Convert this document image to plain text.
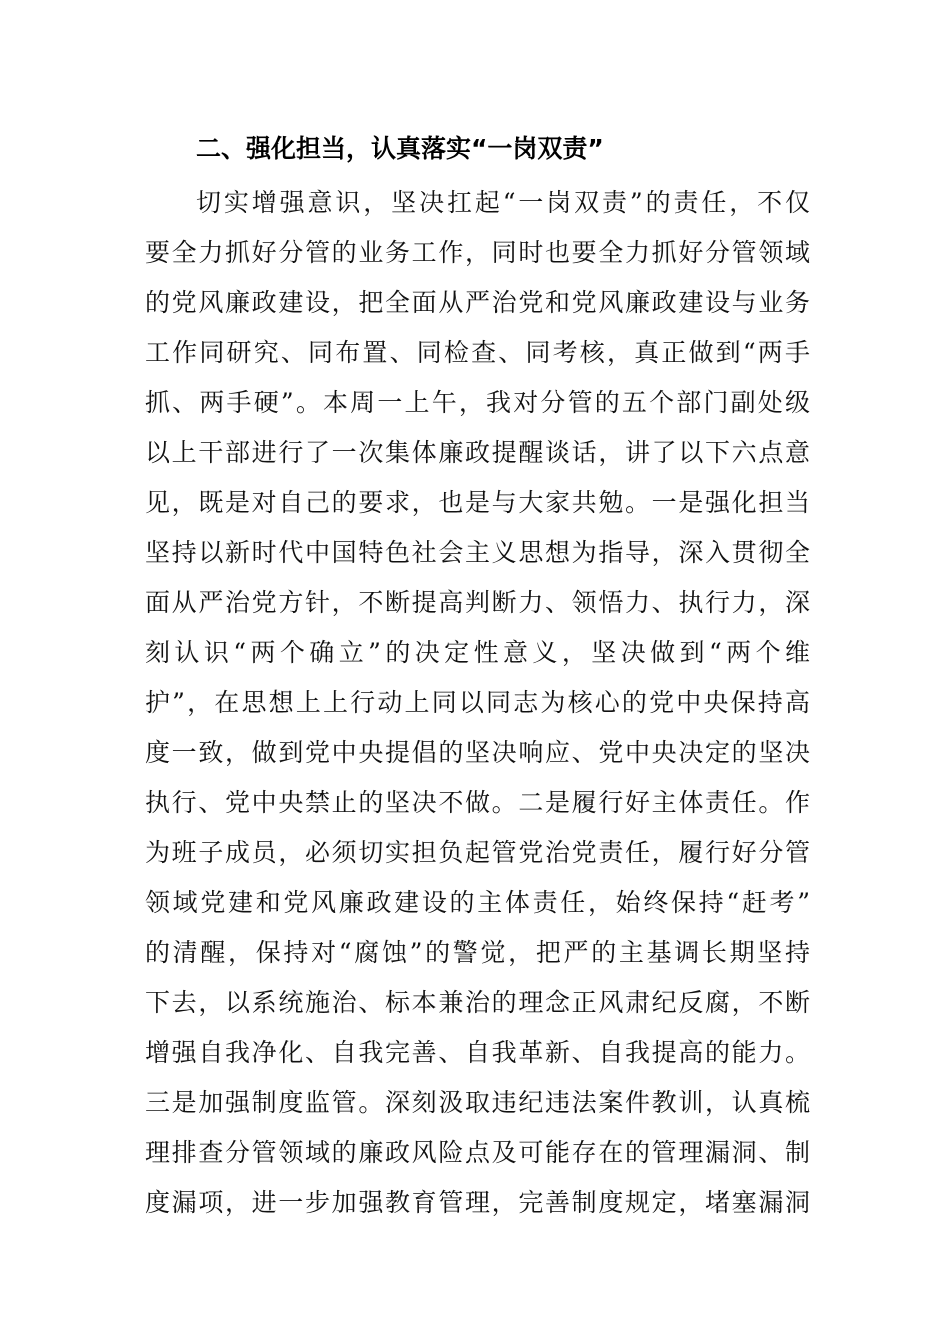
二、强化担当，认真落实“一岗双责”
切实增强意识，坚决扛起“一岗双责”的责任，不仅
要全力抓好分管的业务工作，同时也要全力抓好分管领域
的党风廉政建设，把全面从严治党和党风廉政建设与业务
工作同研究、同布置、同检查、同考核，真正做到“两手
抓、两手硬”。本周一上午，我对分管的五个部门副处级
以上干部进行了一次集体廉政提醒谈话，讲了以下六点意
见，既是对自己的要求，也是与大家共勉。一是强化担当
坚持以新时代中国特色社会主义思想为指导，深入贯彻全
面从严治党方针，不断提高判断力、领悟力、执行力，深
刻认识“两个确立”的决定性意义，坚决做到“两个维
护”，在思想上上行动上同以同志为核心的党中央保持高
度一致，做到党中央提倡的坚决响应、党中央决定的坚决
执行、党中央禁止的坚决不做。二是履行好主体责任。作
为班子成员，必须切实担负起管党治党责任，履行好分管
领域党建和党风廉政建设的主体责任，始终保持“赶考”
的清醒，保持对“腐蚀”的警觉，把严的主基调长期坚持
下去，以系统施治、标本兼治的理念正风肃纪反腐，不断
增强自我净化、自我完善、自我革新、自我提高的能力。
三是加强制度监管。深刻汲取违纪违法案件教训，认真梳
理排查分管领域的廉政风险点及可能存在的管理漏洞、制
度漏项，进一步加强教育管理，完善制度规定，堵塞漏洞
